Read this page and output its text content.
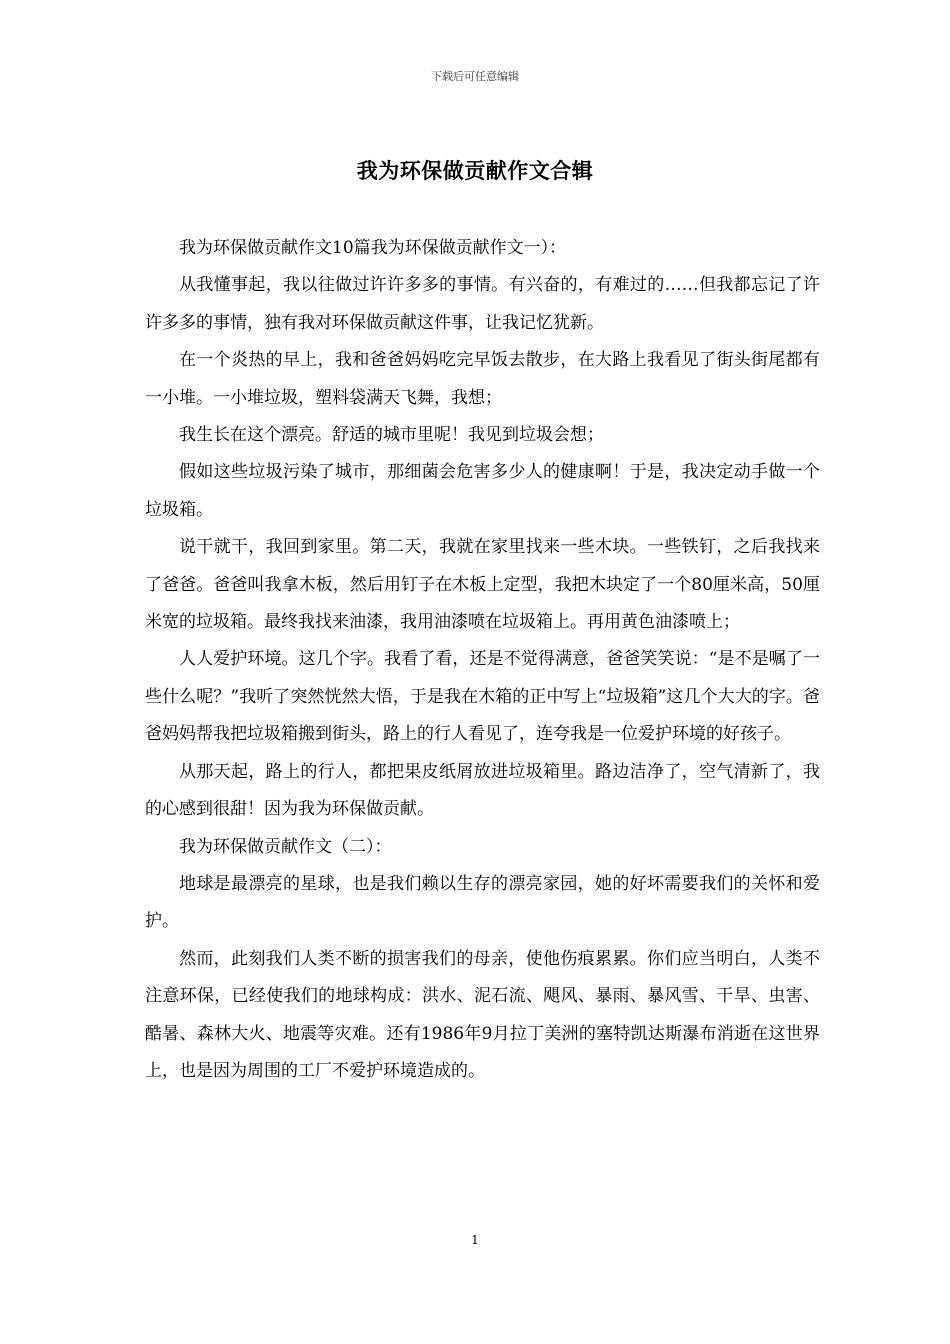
下载后可任意编辑
我为环保做贡献作文合辑

我为环保做贡献作文10篇我为环保做贡献作文一）：

从我懂事起，我以往做过许许多多的事情。有兴奋的，有难过的……但我都忘记了许许多多的事情，独有我对环保做贡献这件事，让我记忆犹新。

在一个炎热的早上，我和爸爸妈妈吃完早饭去散步，在大路上我看见了街头街尾都有一小堆。一小堆垃圾，塑料袋满天飞舞，我想；

我生长在这个漂亮。舒适的城市里呢！我见到垃圾会想；

假如这些垃圾污染了城市，那细菌会危害多少人的健康啊！于是，我决定动手做一个垃圾箱。

说干就干，我回到家里。第二天，我就在家里找来一些木块。一些铁钉，之后我找来了爸爸。爸爸叫我拿木板，然后用钉子在木板上定型，我把木块定了一个80厘米高，50厘米宽的垃圾箱。最终我找来油漆，我用油漆喷在垃圾箱上。再用黄色油漆喷上；

人人爱护环境。这几个字。我看了看，还是不觉得满意，爸爸笑笑说：“是不是嘱了一些什么呢？”我听了突然恍然大悟，于是我在木箱的正中写上“垃圾箱”这几个大大的字。爸爸妈妈帮我把垃圾箱搬到街头，路上的行人看见了，连夸我是一位爱护环境的好孩子。

从那天起，路上的行人，都把果皮纸屑放进垃圾箱里。路边洁净了，空气清新了，我的心感到很甜！因为我为环保做贡献。

我为环保做贡献作文（二）：

地球是最漂亮的星球，也是我们赖以生存的漂亮家园，她的好坏需要我们的关怀和爱护。

然而，此刻我们人类不断的损害我们的母亲，使他伤痕累累。你们应当明白，人类不注意环保，已经使我们的地球构成：洪水、泥石流、飓风、暴雨、暴风雪、干旱、虫害、酷暑、森林大火、地震等灾难。还有1986年9月拉丁美洲的塞特凯达斯瀑布消逝在这世界上，也是因为周围的工厂不爱护环境造成的。

1
